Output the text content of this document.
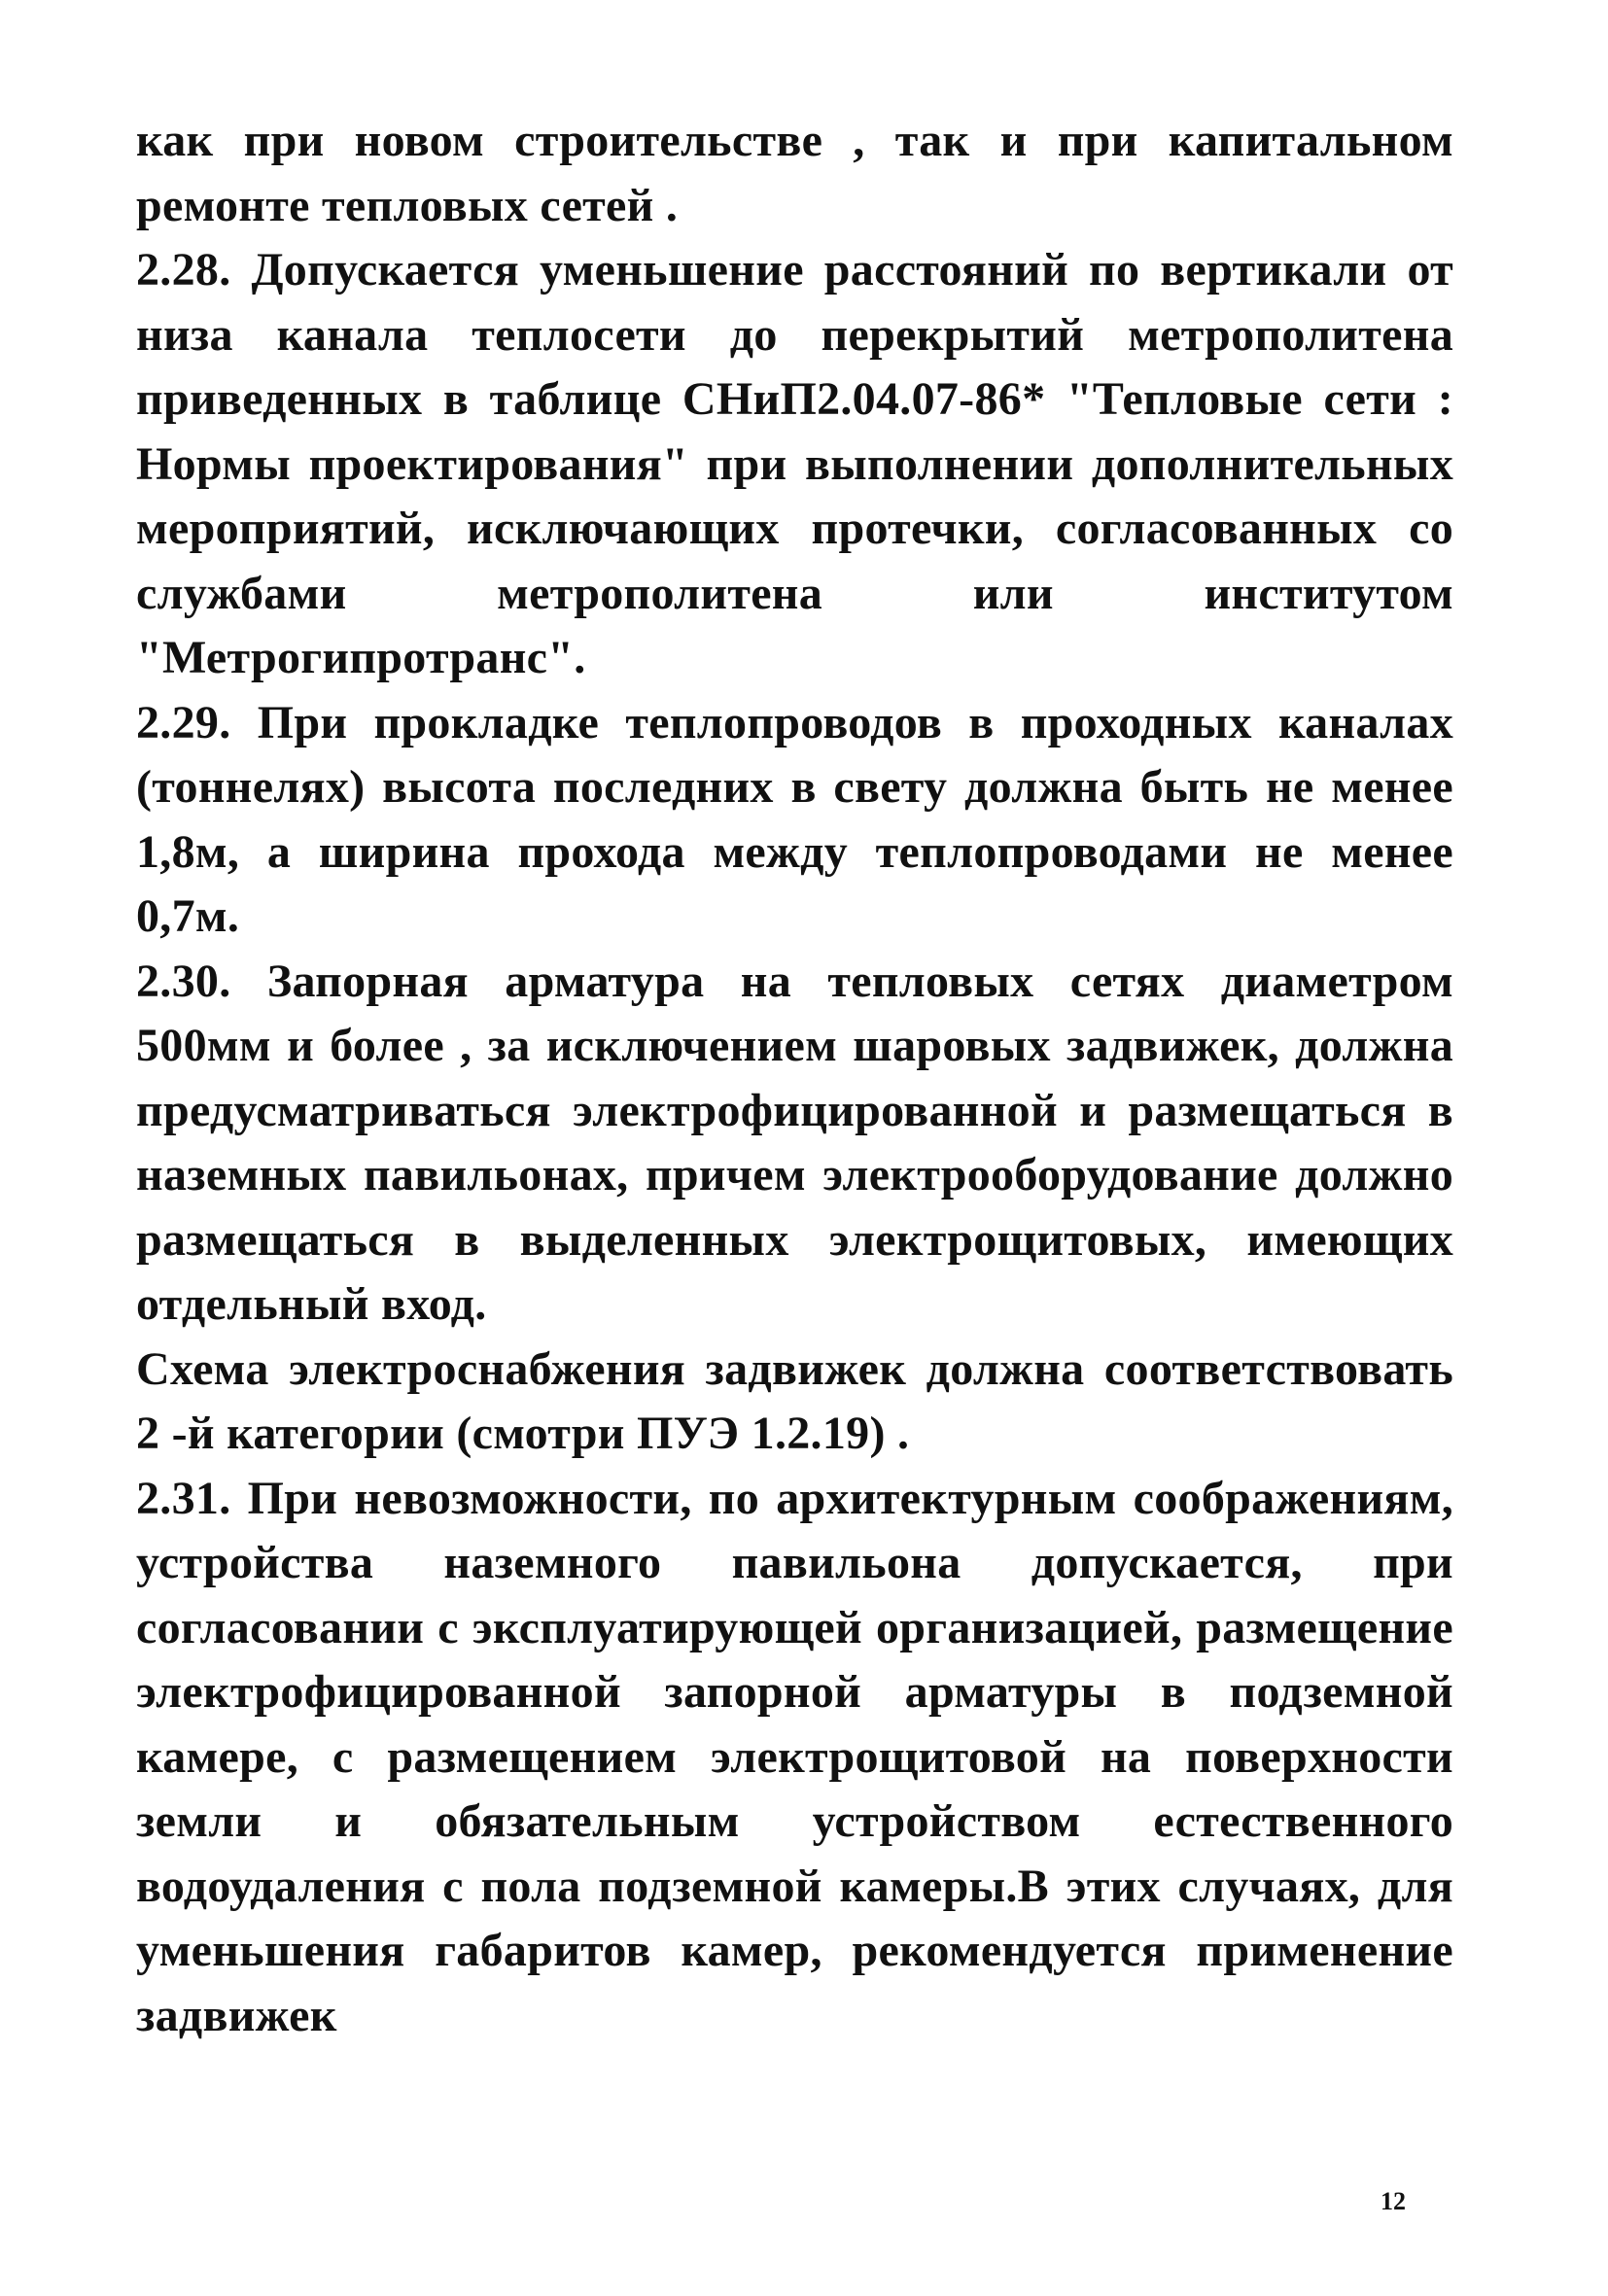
как при новом строительстве , так и при капитальном ремонте тепловых сетей .

2.28. Допускается уменьшение расстояний по вертикали от низа канала теплосети до перекрытий метрополитена приведенных в таблице СНиП2.04.07-86* "Тепловые сети : Нормы проектирования" при выполнении дополнительных мероприятий, исключающих протечки, согласованных со службами метрополитена или институтом "Метрогипротранс".

2.29. При прокладке теплопроводов в проходных каналах (тоннелях) высота последних в свету должна быть не менее 1,8м, а ширина прохода между теплопроводами не менее 0,7м.

2.30. Запорная арматура на тепловых сетях диаметром 500мм и более , за исключением шаровых задвижек, должна предусматриваться электрофицированной и размещаться в наземных павильонах, причем электрооборудование должно размещаться в выделенных электрощитовых, имеющих отдельный вход.

Схема электроснабжения задвижек должна соответствовать 2 -й категории (смотри ПУЭ 1.2.19) .

2.31. При невозможности, по архитектурным соображениям, устройства наземного павильона допускается, при согласовании с эксплуатирующей организацией, размещение электрофицированной запорной арматуры в подземной камере, с размещением электрощитовой на поверхности земли и обязательным устройством естественного водоудаления с пола подземной камеры.В этих случаях, для уменьшения габаритов камер, рекомендуется применение задвижек

12
